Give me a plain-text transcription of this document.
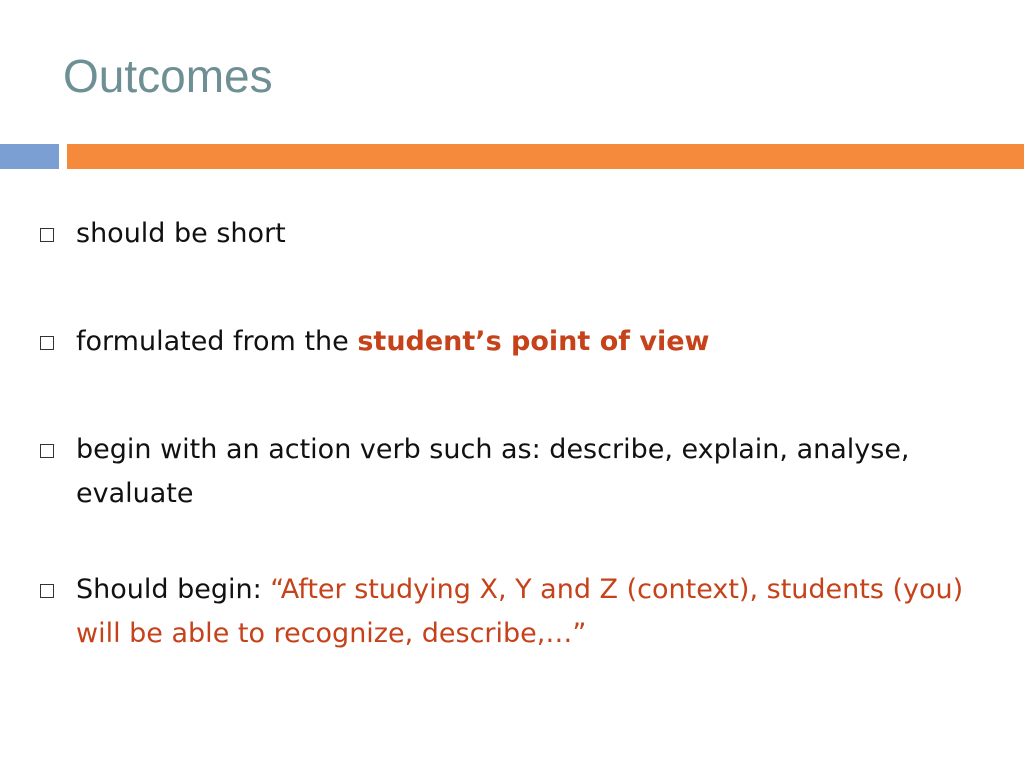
Outcomes
should be short
formulated from the student’s point of view
begin with an action verb such as: describe, explain, analyse, evaluate
Should begin: “After studying X, Y and Z (context), students (you) will be able to recognize, describe,…”
